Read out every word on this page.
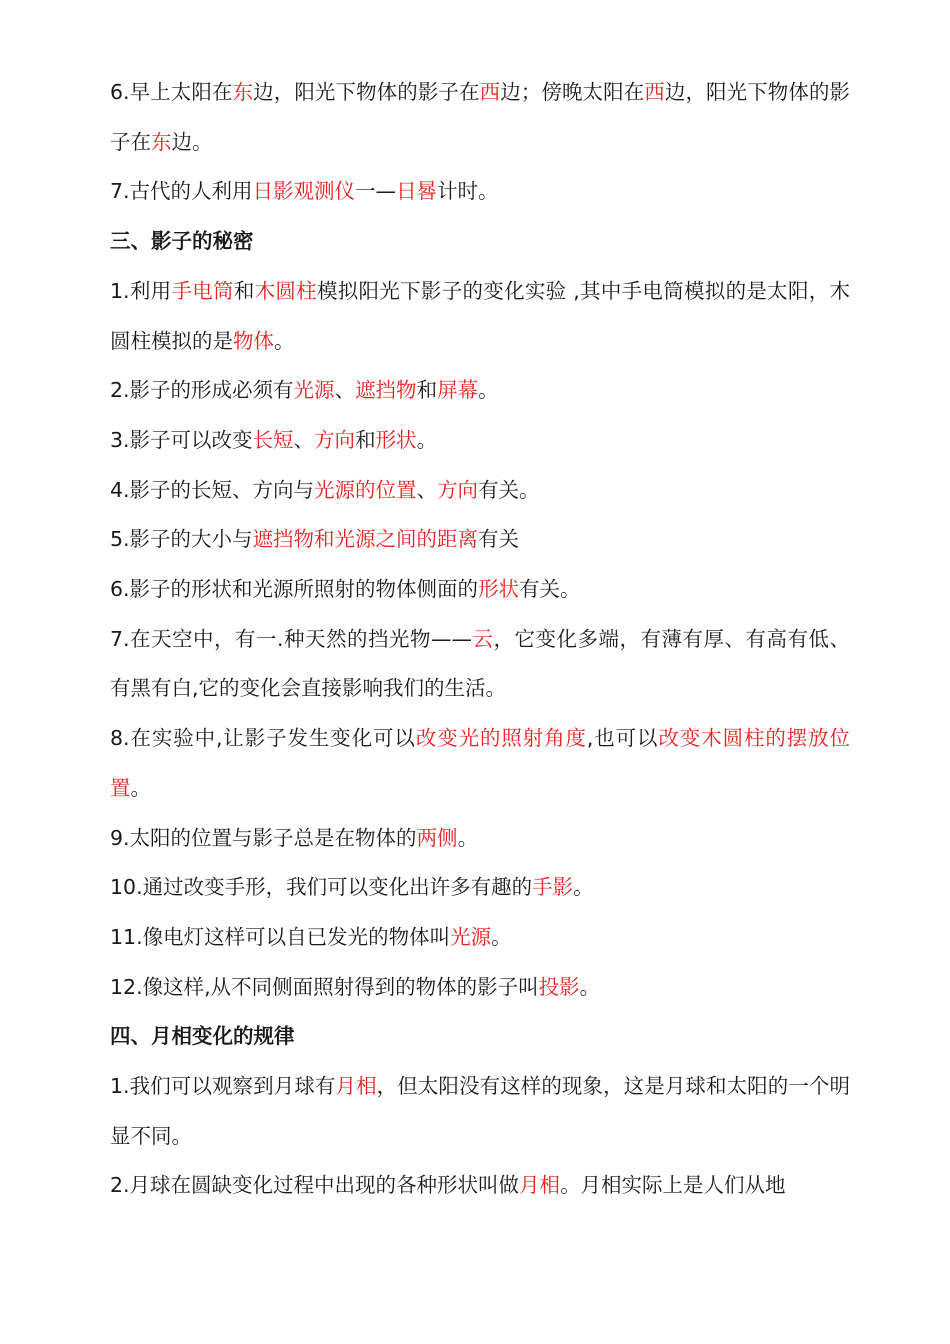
6.早上太阳在东边，阳光下物体的影子在西边；傍晚太阳在西边，阳光下物体的影子在东边。

7.古代的人利用日影观测仪一—日晷计时。

三、影子的秘密

1.利用手电筒和木圆柱模拟阳光下影子的变化实验 ,其中手电筒模拟的是太阳，木圆柱模拟的是物体。

2.影子的形成必须有光源、遮挡物和屏幕。

3.影子可以改变长短、方向和形状。

4.影子的长短、方向与光源的位置、方向有关。

5.影子的大小与遮挡物和光源之间的距离有关

6.影子的形状和光源所照射的物体侧面的形状有关。

7.在天空中，有一.种天然的挡光物——云，它变化多端，有薄有厚、有高有低、有黑有白,它的变化会直接影响我们的生活。

8.在实验中,让影子发生变化可以改变光的照射角度,也可以改变木圆柱的摆放位置。

9.太阳的位置与影子总是在物体的两侧。

10.通过改变手形，我们可以变化出许多有趣的手影。

11.像电灯这样可以自已发光的物体叫光源。

12.像这样,从不同侧面照射得到的物体的影子叫投影。

四、月相变化的规律

1.我们可以观察到月球有月相，但太阳没有这样的现象，这是月球和太阳的一个明显不同。

2.月球在圆缺变化过程中出现的各种形状叫做月相。月相实际上是人们从地
